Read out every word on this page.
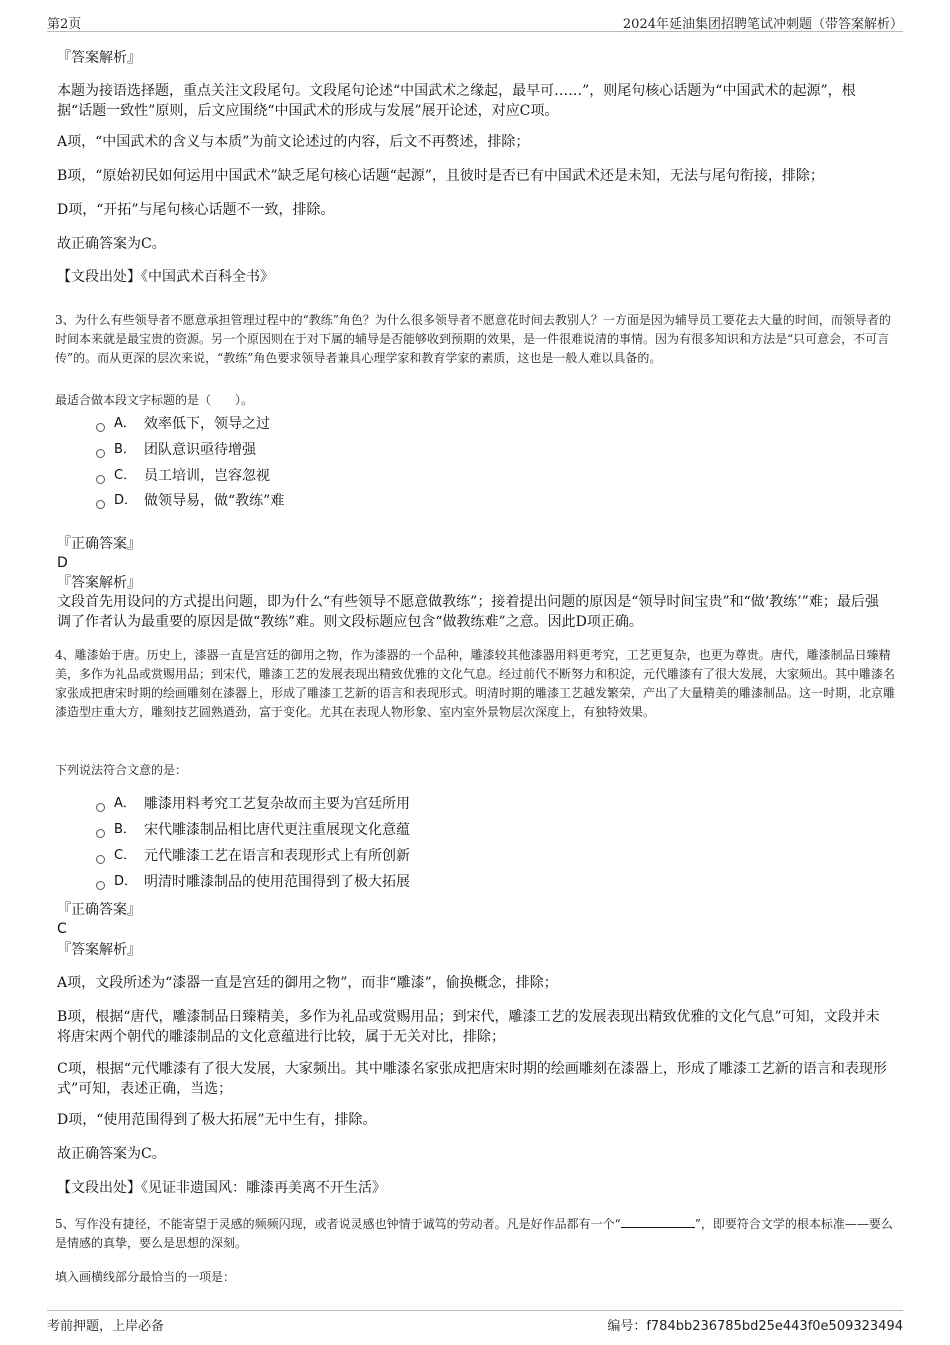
第2页	2024年延油集团招聘笔试冲刺题（带答案解析）
『答案解析』
本题为接语选择题，重点关注文段尾句。文段尾句论述“中国武术之缘起，最早可……”，则尾句核心话题为“中国武术的起源”，根据“话题一致性”原则，后文应围绕“中国武术的形成与发展”展开论述，对应C项。
A项，“中国武术的含义与本质”为前文论述过的内容，后文不再赘述，排除；
B项，“原始初民如何运用中国武术”缺乏尾句核心话题“起源”，且彼时是否已有中国武术还是未知，无法与尾句衔接，排除；
D项，“开拓”与尾句核心话题不一致，排除。
故正确答案为C。
【文段出处】《中国武术百科全书》
3、为什么有些领导者不愿意承担管理过程中的“教练”角色？为什么很多领导者不愿意花时间去教别人？一方面是因为辅导员工要花去大量的时间，而领导者的时间本来就是最宝贵的资源。另一个原因则在于对下属的辅导是否能够收到预期的效果，是一件很难说清的事情。因为有很多知识和方法是“只可意会，不可言传”的。而从更深的层次来说，“教练”角色要求领导者兼具心理学家和教育学家的素质，这也是一般人难以具备的。
最适合做本段文字标题的是（　　）。
A． 效率低下，领导之过
B． 团队意识亟待增强
C． 员工培训，岂容忽视
D． 做领导易，做“教练”难
『正确答案』
D
『答案解析』
文段首先用设问的方式提出问题，即为什么“有些领导不愿意做教练”；接着提出问题的原因是“领导时间宝贵”和“做‘教练’”难；最后强调了作者认为最重要的原因是做“教练”难。则文段标题应包含“做教练难”之意。因此D项正确。
4、雕漆始于唐。历史上，漆器一直是宫廷的御用之物，作为漆器的一个品种，雕漆较其他漆器用料更考究，工艺更复杂，也更为尊贵。唐代，雕漆制品日臻精美，多作为礼品或赏赐用品；到宋代，雕漆工艺的发展表现出精致优雅的文化气息。经过前代不断努力和积淀，元代雕漆有了很大发展，大家频出。其中雕漆名家张成把唐宋时期的绘画雕刻在漆器上，形成了雕漆工艺新的语言和表现形式。明清时期的雕漆工艺越发繁荣，产出了大量精美的雕漆制品。这一时期，北京雕漆造型庄重大方，雕刻技艺圆熟遒劲，富于变化。尤其在表现人物形象、室内室外景物层次深度上，有独特效果。
下列说法符合文意的是：
A． 雕漆用料考究工艺复杂故而主要为宫廷所用
B． 宋代雕漆制品相比唐代更注重展现文化意蕴
C． 元代雕漆工艺在语言和表现形式上有所创新
D． 明清时雕漆制品的使用范围得到了极大拓展
『正确答案』
C
『答案解析』
A项，文段所述为“漆器一直是宫廷的御用之物”，而非“雕漆”，偷换概念，排除；
B项，根据“唐代，雕漆制品日臻精美，多作为礼品或赏赐用品；到宋代，雕漆工艺的发展表现出精致优雅的文化气息”可知，文段并未将唐宋两个朝代的雕漆制品的文化意蕴进行比较，属于无关对比，排除；
C项，根据“元代雕漆有了很大发展，大家频出。其中雕漆名家张成把唐宋时期的绘画雕刻在漆器上，形成了雕漆工艺新的语言和表现形式”可知，表述正确，当选；
D项，“使用范围得到了极大拓展”无中生有，排除。
故正确答案为C。
【文段出处】《见证非遗国风：雕漆再美离不开生活》
5、写作没有捷径，不能寄望于灵感的频频闪现，或者说灵感也钟情于诚笃的劳动者。凡是好作品都有一个“	”，即要符合文学的根本标准——要么是情感的真挚，要么是思想的深刻。
填入画横线部分最恰当的一项是：
考前押题，上岸必备	编号：f784bb236785bd25e443f0e509323494
